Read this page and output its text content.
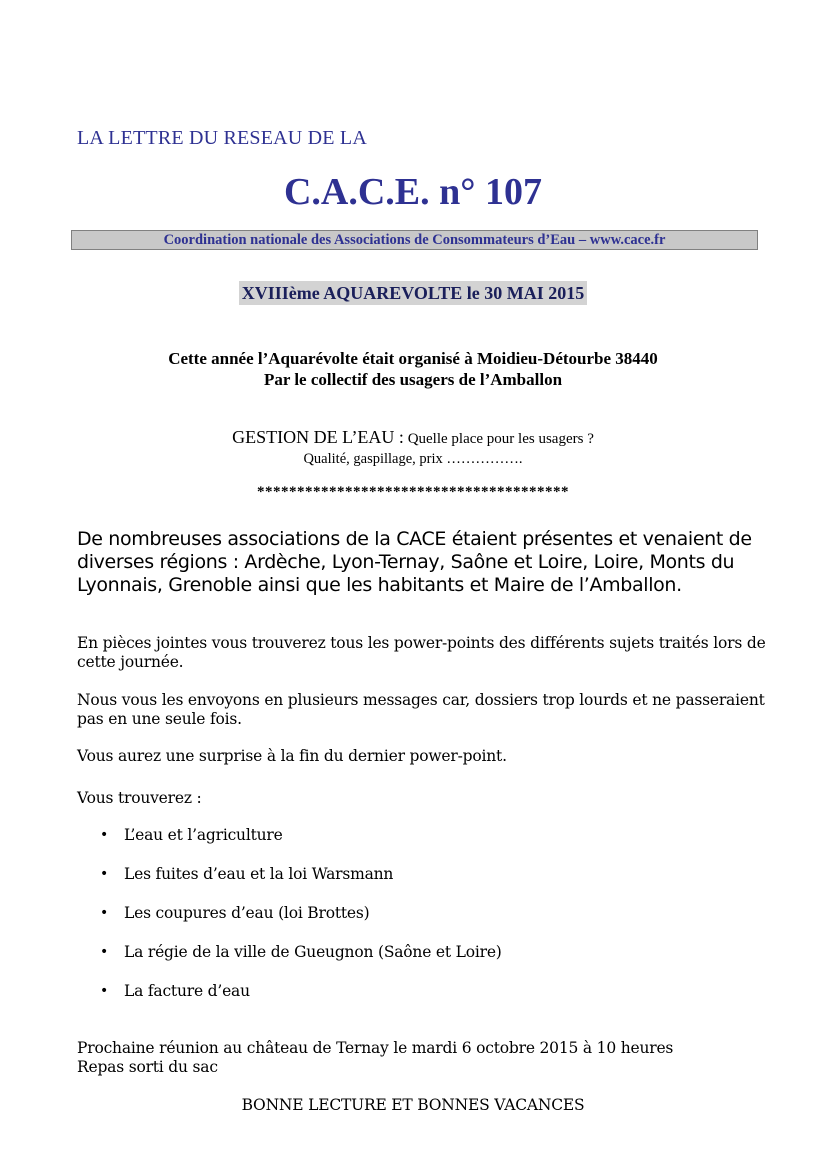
LA LETTRE DU RESEAU DE LA
C.A.C.E. n° 107
Coordination nationale des Associations de Consommateurs d’Eau – www.cace.fr
XVIIIème AQUAREVOLTE le 30 MAI 2015
Cette année l’Aquarévolte était organisé à Moidieu-Détourbe 38440
Par le collectif des usagers de l’Amballon
GESTION DE L’EAU : Quelle place pour les usagers ?
Qualité, gaspillage, prix …………….
***************************************
De nombreuses associations de la CACE étaient présentes et venaient de diverses régions : Ardèche, Lyon-Ternay, Saône et Loire, Loire, Monts du Lyonnais, Grenoble ainsi que les habitants et Maire de l’Amballon.
En pièces jointes vous trouverez tous les power-points des différents sujets traités lors de cette journée.
Nous vous les envoyons en plusieurs messages car, dossiers trop lourds et ne passeraient pas en une seule fois.
Vous aurez une surprise à la fin du dernier power-point.
Vous trouverez :
• L’eau et l’agriculture
• Les fuites d’eau et la loi Warsmann
• Les coupures d’eau (loi Brottes)
• La régie de la ville de Gueugnon (Saône et Loire)
• La facture d’eau
Prochaine réunion au château de Ternay le mardi 6 octobre 2015 à 10 heures
Repas sorti du sac
BONNE LECTURE ET BONNES VACANCES
